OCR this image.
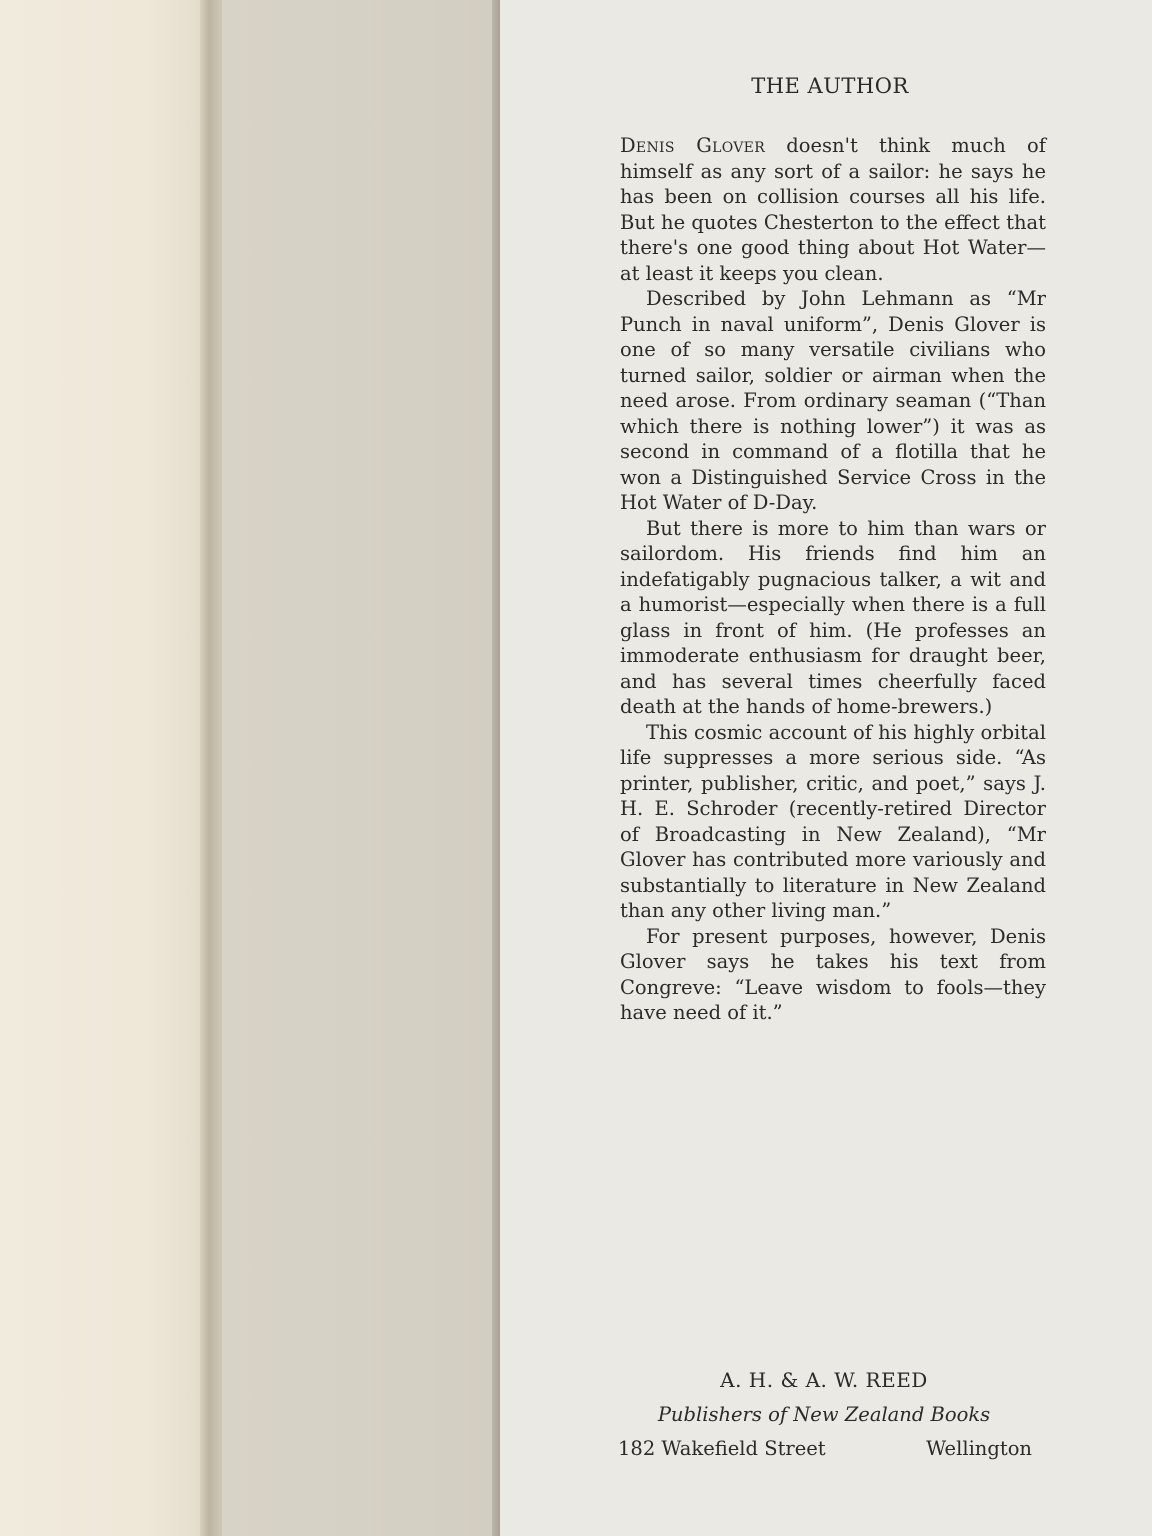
THE AUTHOR

Denis Glover doesn't think much of himself as any sort of a sailor: he says he has been on collision courses all his life. But he quotes Chesterton to the effect that there's one good thing about Hot Water—at least it keeps you clean.

Described by John Lehmann as “Mr Punch in naval uniform”, Denis Glover is one of so many versatile civilians who turned sailor, soldier or airman when the need arose. From ordinary seaman (“Than which there is nothing lower”) it was as second in command of a flotilla that he won a Distinguished Service Cross in the Hot Water of D-Day.

But there is more to him than wars or sailordom. His friends find him an indefatigably pugnacious talker, a wit and a humorist—especially when there is a full glass in front of him. (He professes an immoderate enthusiasm for draught beer, and has several times cheerfully faced death at the hands of home-brewers.)

This cosmic account of his highly orbital life suppresses a more serious side. “As printer, publisher, critic, and poet,” says J. H. E. Schroder (recently-retired Director of Broadcasting in New Zealand), “Mr Glover has contributed more variously and substantially to literature in New Zealand than any other living man.”

For present purposes, however, Denis Glover says he takes his text from Congreve: “Leave wisdom to fools—they have need of it.”

A. H. & A. W. REED
Publishers of New Zealand Books
182 Wakefield Street	Wellington
